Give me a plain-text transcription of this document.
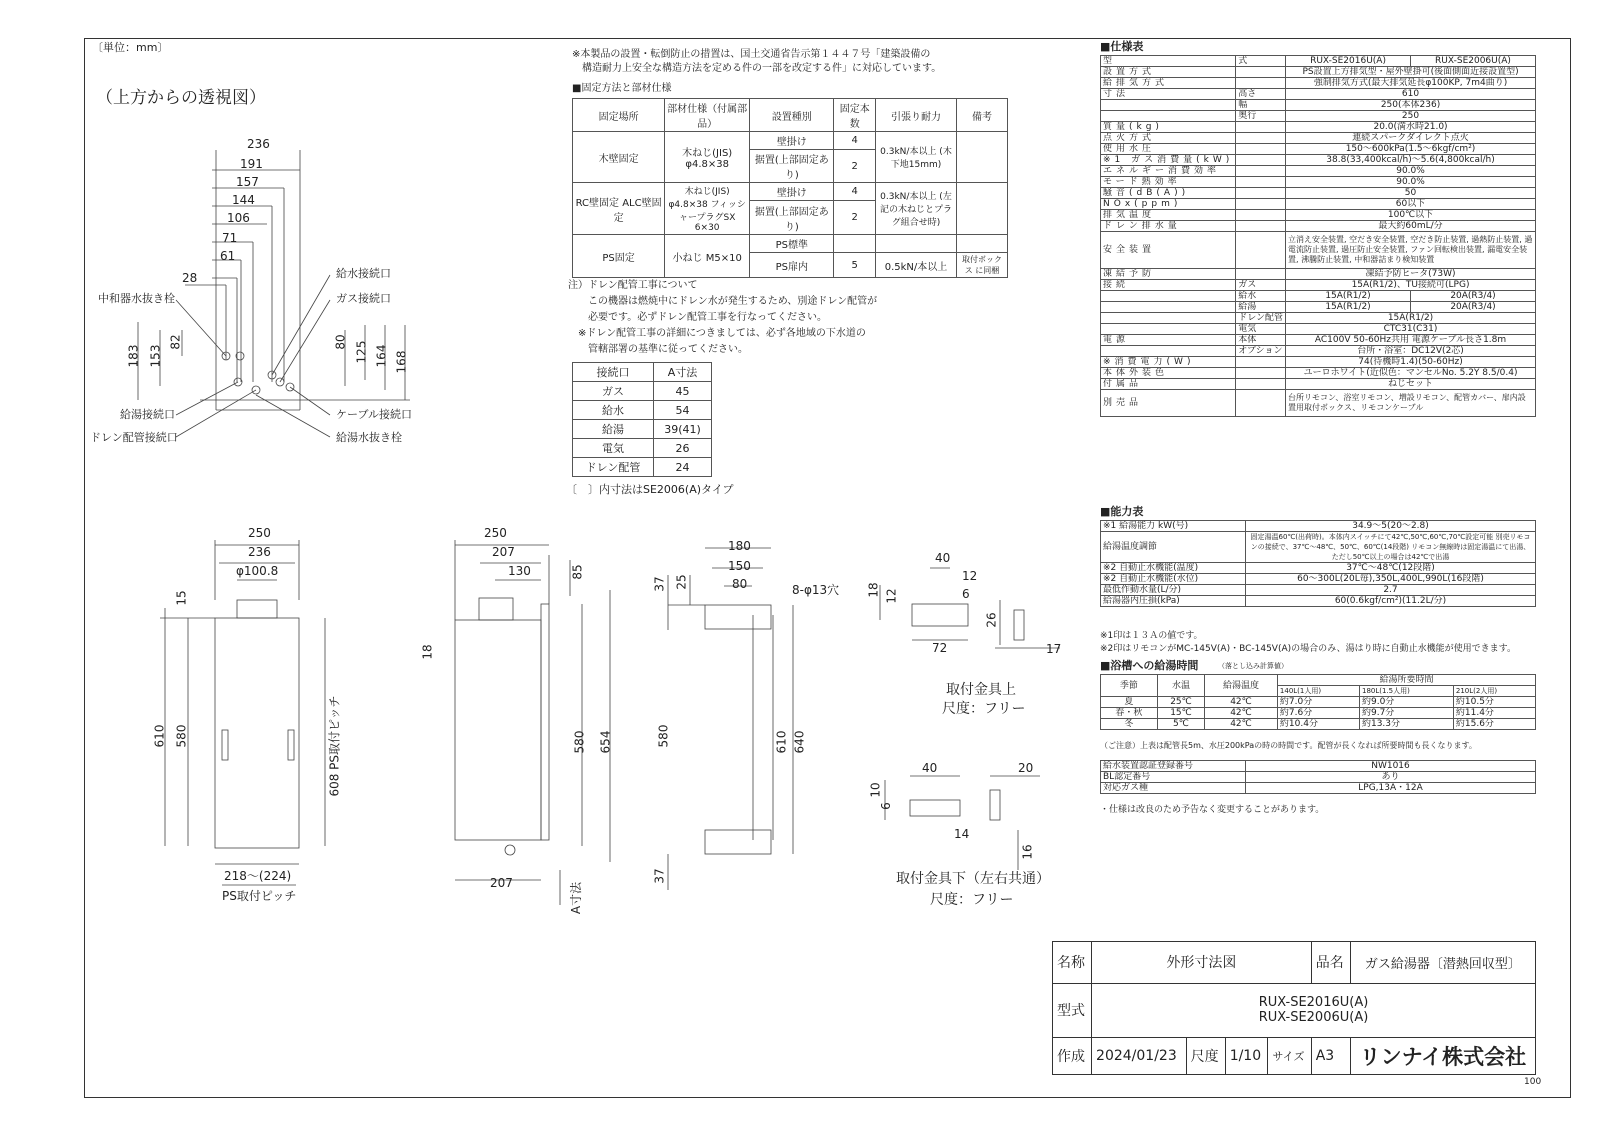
〔単位：mm〕
（上方からの透視図）
※本製品の設置・転倒防止の措置は、国土交通省告示第１４４７号「建築設備の
　構造耐力上安全な構造方法を定める件の一部を改定する件」に対応しています。
■固定方法と部材仕様
固定場所	部材仕様（付属部品）	設置種別	固定本数	引張り耐力	備考
木壁固定	木ねじ(JIS) φ4.8×38	壁掛け	4	0.3kN/本以上 (木下地15mm)	
		据置(上部固定あり)	2		
RC壁固定 ALC壁固定	木ねじ(JIS) φ4.8×38 フィッシャープラグSX 6×30	壁掛け	4	0.3kN/本以上 (左記の木ねじとプラグ組合せ時)	
		据置(上部固定あり)	2		
PS固定	小ねじ M5×10	PS標準			
		PS扉内	5	0.5kN/本以上	取付ボックス に同梱
注）ドレン配管工事について
　　この機器は燃焼中にドレン水が発生するため、別途ドレン配管が
　　必要です。必ずドレン配管工事を行なってください。
　※ドレン配管工事の詳細につきましては、必ず各地域の下水道の
　　管轄部署の基準に従ってください。
接続口	A寸法
ガス	45
給水	54
給湯	39(41)
電気	26
ドレン配管	24
〔　〕内寸法はSE2006(A)タイプ
236
191
157
144
106
71
61
28
183 153
82	80 125 164 168
中和器水抜き栓
給湯接続口
ドレン配管接続口
給水接続口
ガス接続口
ケーブル接続口
給湯水抜き栓
250
236
φ100.8
15
610 580	608 PS取付ピッチ
218〜(224)
PS取付ピッチ
250
207
130	85
18
580 654
207	A寸法
180
150
80	8-φ13穴
37 25
580	610 640
37
40
12
6
18 12
26
72	17
取付金具上
尺度：フリー
40	20
10
6
14
16
取付金具下（左右共通）
尺度：フリー
■仕様表
型	式	RUX-SE2016U(A)	RUX-SE2006U(A)
設置方式		PS設置上方排気型・屋外壁掛可(後面側面近接設置型)	
給排気方式		強制排気方式(最大排気延長φ100KP, 7m4曲り)	
寸法	高さ	610	
	幅	250(本体236)	
	奥行	250	
質量(kg)		20.0(満水時21.0)	
点火方式		連続スパークダイレクト点火	
使用水圧		150〜600kPa(1.5〜6kgf/cm²)	
※1 ガス消費量(kW)		38.8(33,400kcal/h)〜5.6(4,800kcal/h)	
エネルギー消費効率		90.0%	
モード熱効率		90.0%	
騒音(dB(A))		50	
NOx(ppm)		60以下	
排気温度		100℃以下	
ドレン排水量		最大約60mL/分	
安全装置		立消え安全装置, 空だき安全装置, 空だき防止装置, 過熱防止装置, 過電流防止装置, 過圧防止安全装置, ファン回転検出装置, 漏電安全装置, 沸騰防止装置, 中和器詰まり検知装置	
凍結予防		凍結予防ヒータ(73W)	
接続	ガス	15A(R1/2)、TU接続可(LPG)	
	給水	15A(R1/2)	20A(R3/4)
	給湯	15A(R1/2)	20A(R3/4)
	ドレン配管	15A(R1/2)	
	電気	CTC31(C31)	
電源	本体	AC100V 50-60Hz共用 電源ケーブル長さ1.8m	
	オプション	台所・浴室：DC12V(2芯)	
※消費電力(W)		74(待機時1.4)(50-60Hz)	
本体外装色		ユーロホワイト(近似色：マンセルNo. 5.2Y 8.5/0.4)	
付属品		ねじセット	
別売品		台所リモコン、浴室リモコン、増設リモコン、配管カバー、扉内設置用取付ボックス、リモコンケーブル	
■能力表
※1 給湯能力 kW(号)	34.9〜5(20〜2.8)
給湯温度調節	固定湯温60℃(出荷時)。本体内スイッチにて42℃,50℃,60℃,70℃設定可能 別売リモコンの接続で、37℃〜48℃、50℃、60℃(14段階) リモコン無線時は固定湯温にて出湯、ただし50℃以上の場合は42℃で出湯
※2 自動止水機能(温度)	37℃〜48℃(12段階)
※2 自動止水機能(水位)	60〜300L(20L毎),350L,400L,990L(16段階)
最低作動水量(L/分)	2.7
給湯器内圧損(kPa)	60(0.6kgf/cm²)(11.2L/分)
※1印は１３Ａの値です。
※2印はリモコンがMC-145V(A)・BC-145V(A)の場合のみ、湯はり時に自動止水機能が使用できます。
■浴槽への給湯時間	（落とし込み計算値）
季節	水温	給湯温度	給湯所要時間		
			140L(1人用)	180L(1.5人用)	210L(2人用)
夏	25℃	42℃	約7.0分	約9.0分	約10.5分
春・秋	15℃	42℃	約7.6分	約9.7分	約11.4分
冬	5℃	42℃	約10.4分	約13.3分	約15.6分
（ご注意）上表は配管長5m、水圧200kPaの時の時間です。配管が長くなれば所要時間も長くなります。
給水装置認証登録番号	NW1016
BL認定番号	あり
対応ガス種	LPG,13A・12A
・仕様は改良のため予告なく変更することがあります。
名称	外形寸法図				品名	ガス給湯器〔潜熱回収型〕
型式	RUX-SE2016U(A)
RUX-SE2006U(A)					

作成	2024/01/23	尺度	1/10	サイズ	A3	リンナイ株式会社
100
